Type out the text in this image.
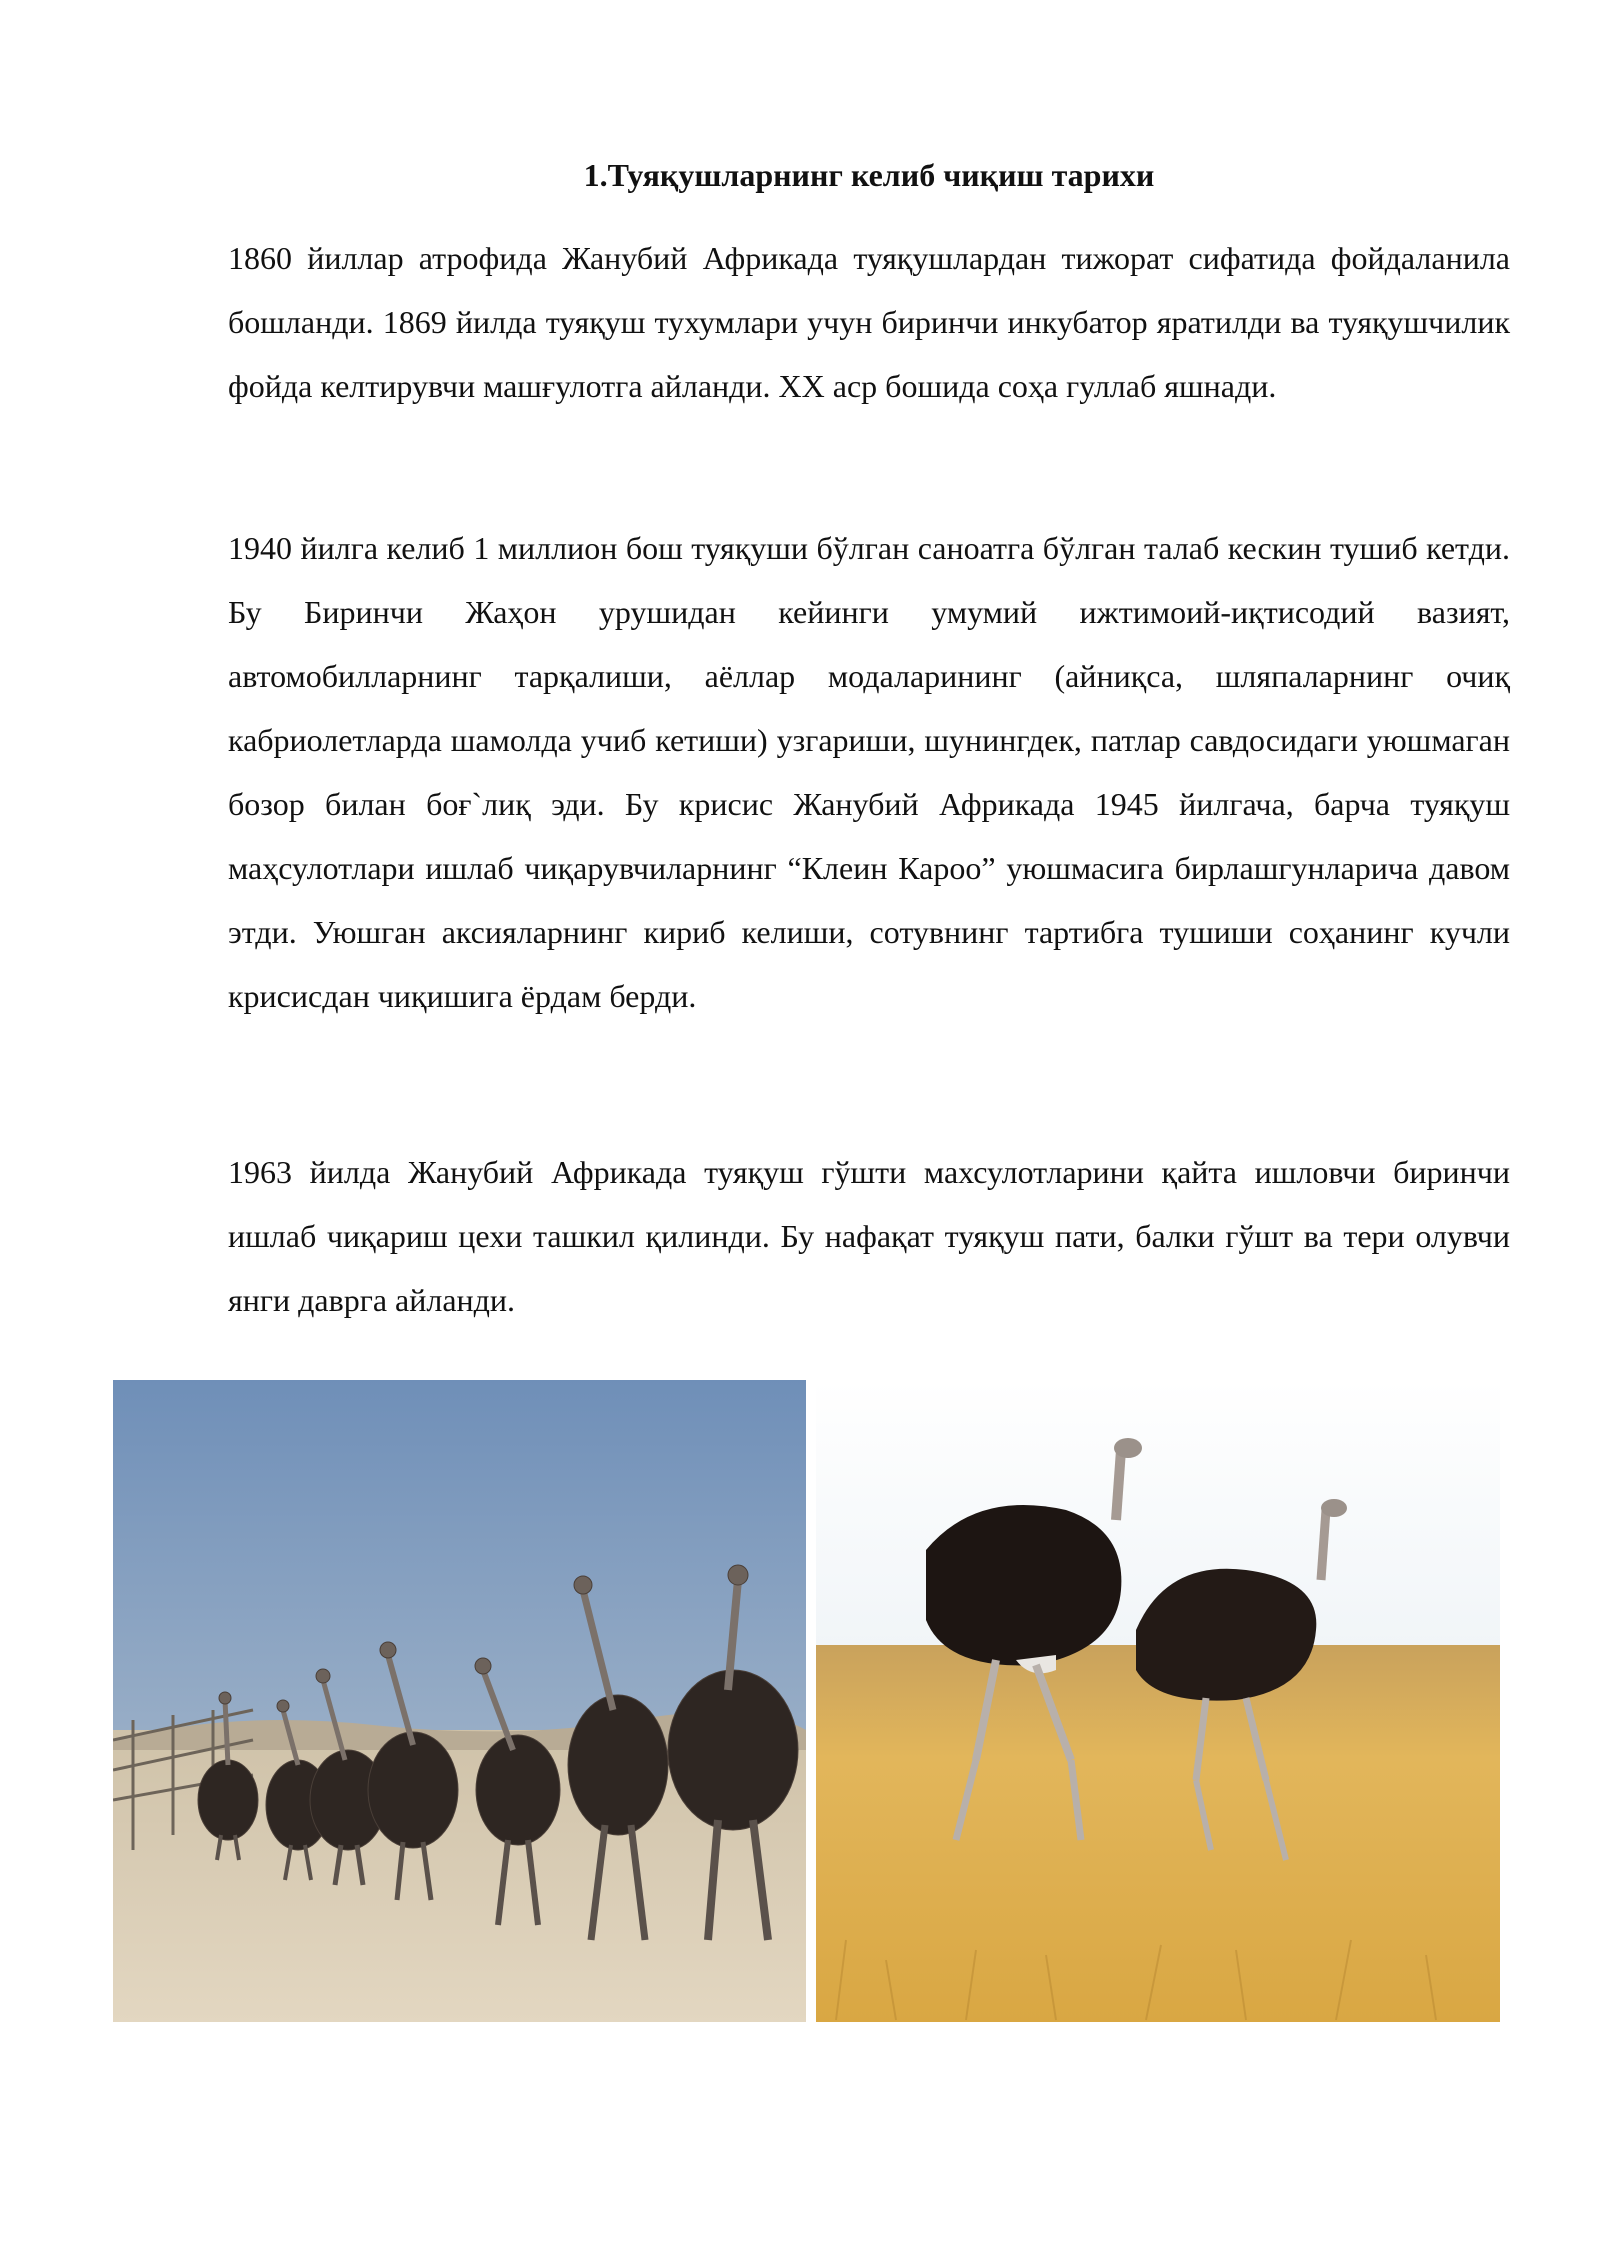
1.Туяқушларнинг келиб чиқиш тарихи

1860 йиллар атрофида Жанубий Африкада туяқушлардан тижорат сифатида фойдаланила бошланди. 1869 йилда туяқуш тухумлари учун биринчи инкубатор яратилди ва туяқушчилик фойда келтирувчи машғулотга айланди. XX аср бошида соҳа гуллаб яшнади.

1940 йилга келиб 1 миллион бош туяқуши бўлган саноатга бўлган талаб кескин тушиб кетди. Бу Биринчи Жаҳон урушидан кейинги умумий ижтимоий-иқтисодий вазият, автомобилларнинг тарқалиши, аёллар модаларининг (айниқса, шляпаларнинг очиқ кабриолетларда шамолда учиб кетиши) узгариши, шунингдек, патлар савдосидаги уюшмаган бозор билан боғ`лиқ эди. Бу крисис Жанубий Африкада 1945 йилгача, барча туяқуш маҳсулотлари ишлаб чиқарувчиларнинг “Клеин Кароо” уюшмасига бирлашгунларича давом этди. Уюшган аксияларнинг кириб келиши, сотувнинг тартибга тушиши соҳанинг кучли крисисдан чиқишига ёрдам берди.

1963 йилда Жанубий Африкада туяқуш гўшти махсулотларини қайта ишловчи биринчи ишлаб чиқариш цехи ташкил қилинди. Бу нафақат туяқуш пати, балки гўшт ва тери олувчи янги даврга айланди.
